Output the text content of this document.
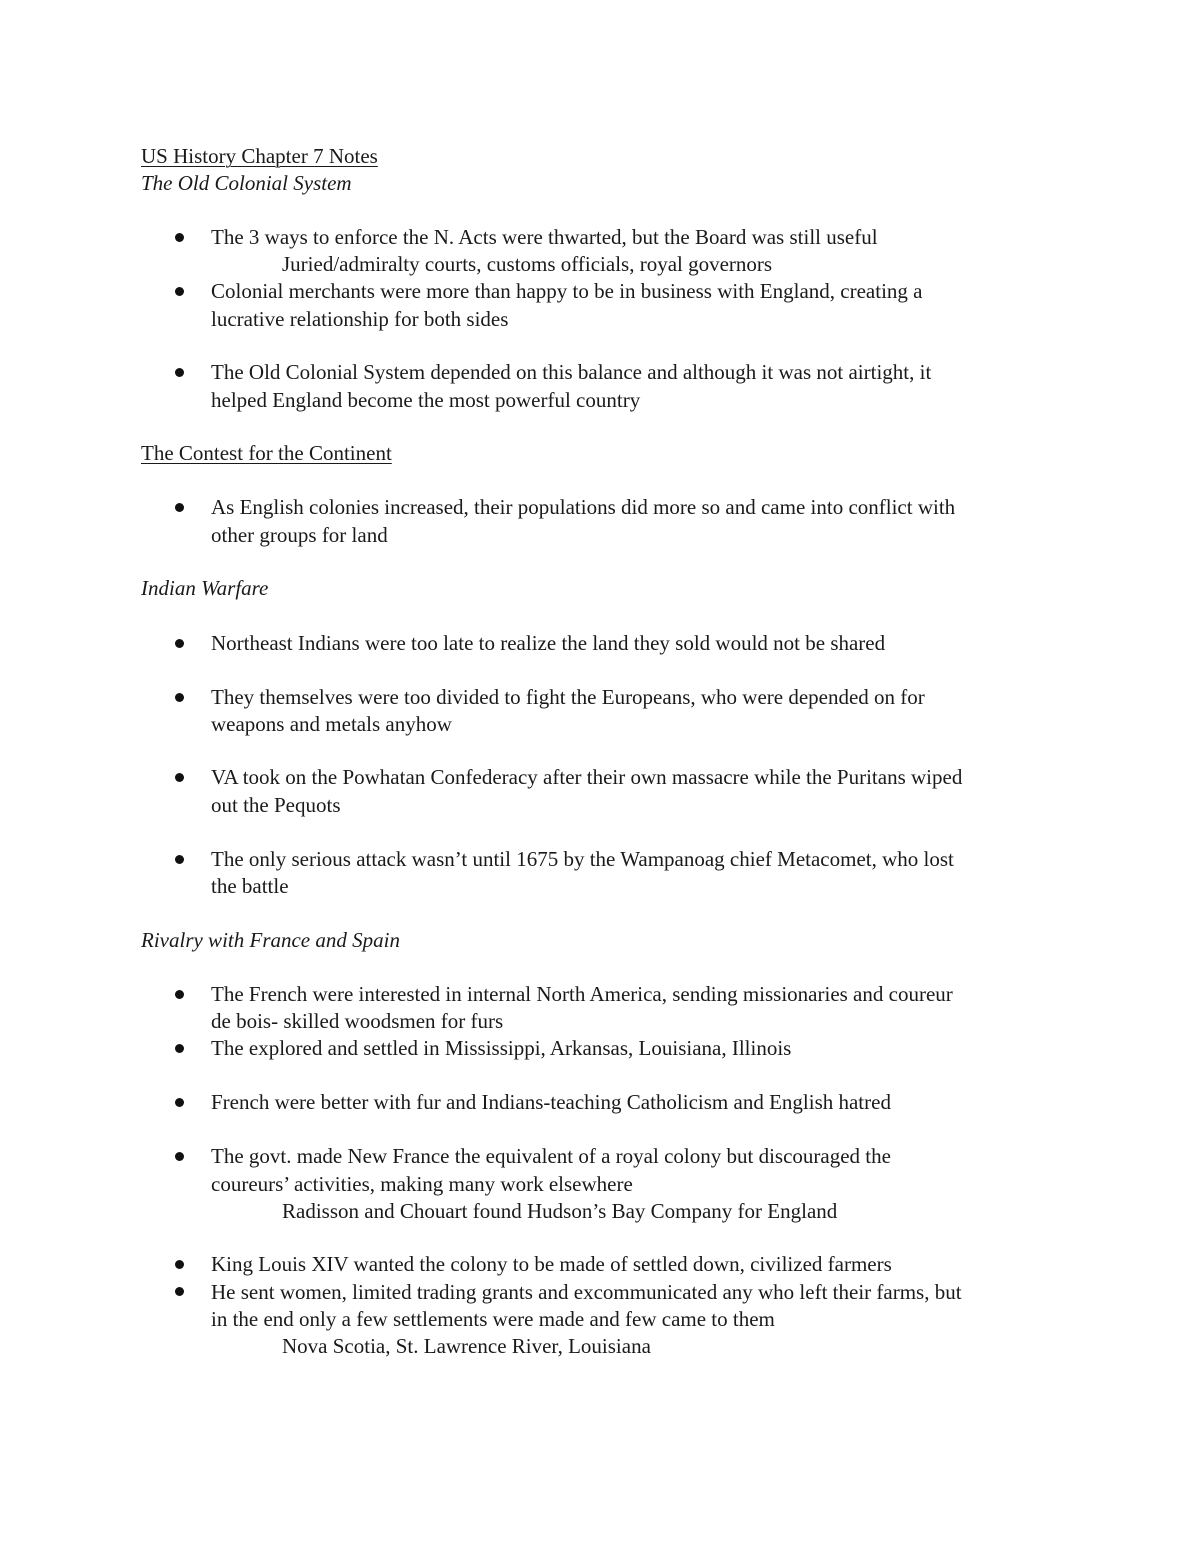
US History Chapter 7 Notes
The Old Colonial System
The 3 ways to enforce the N. Acts were thwarted, but the Board was still useful
Juried/admiralty courts, customs officials, royal governors
Colonial merchants were more than happy to be in business with England, creating a
lucrative relationship for both sides
The Old Colonial System depended on this balance and although it was not airtight, it
helped England become the most powerful country
The Contest for the Continent
As English colonies increased, their populations did more so and came into conflict with
other groups for land
Indian Warfare
Northeast Indians were too late to realize the land they sold would not be shared
They themselves were too divided to fight the Europeans, who were depended on for
weapons and metals anyhow
VA took on the Powhatan Confederacy after their own massacre while the Puritans wiped
out the Pequots
The only serious attack wasn’t until 1675 by the Wampanoag chief Metacomet, who lost
the battle
Rivalry with France and Spain
The French were interested in internal North America, sending missionaries and coureur
de bois- skilled woodsmen for furs
The explored and settled in Mississippi, Arkansas, Louisiana, Illinois
French were better with fur and Indians-teaching Catholicism and English hatred
The govt. made New France the equivalent of a royal colony but discouraged the
coureurs’ activities, making many work elsewhere
Radisson and Chouart found Hudson’s Bay Company for England
King Louis XIV wanted the colony to be made of settled down, civilized farmers
He sent women, limited trading grants and excommunicated any who left their farms, but
in the end only a few settlements were made and few came to them
Nova Scotia, St. Lawrence River, Louisiana
